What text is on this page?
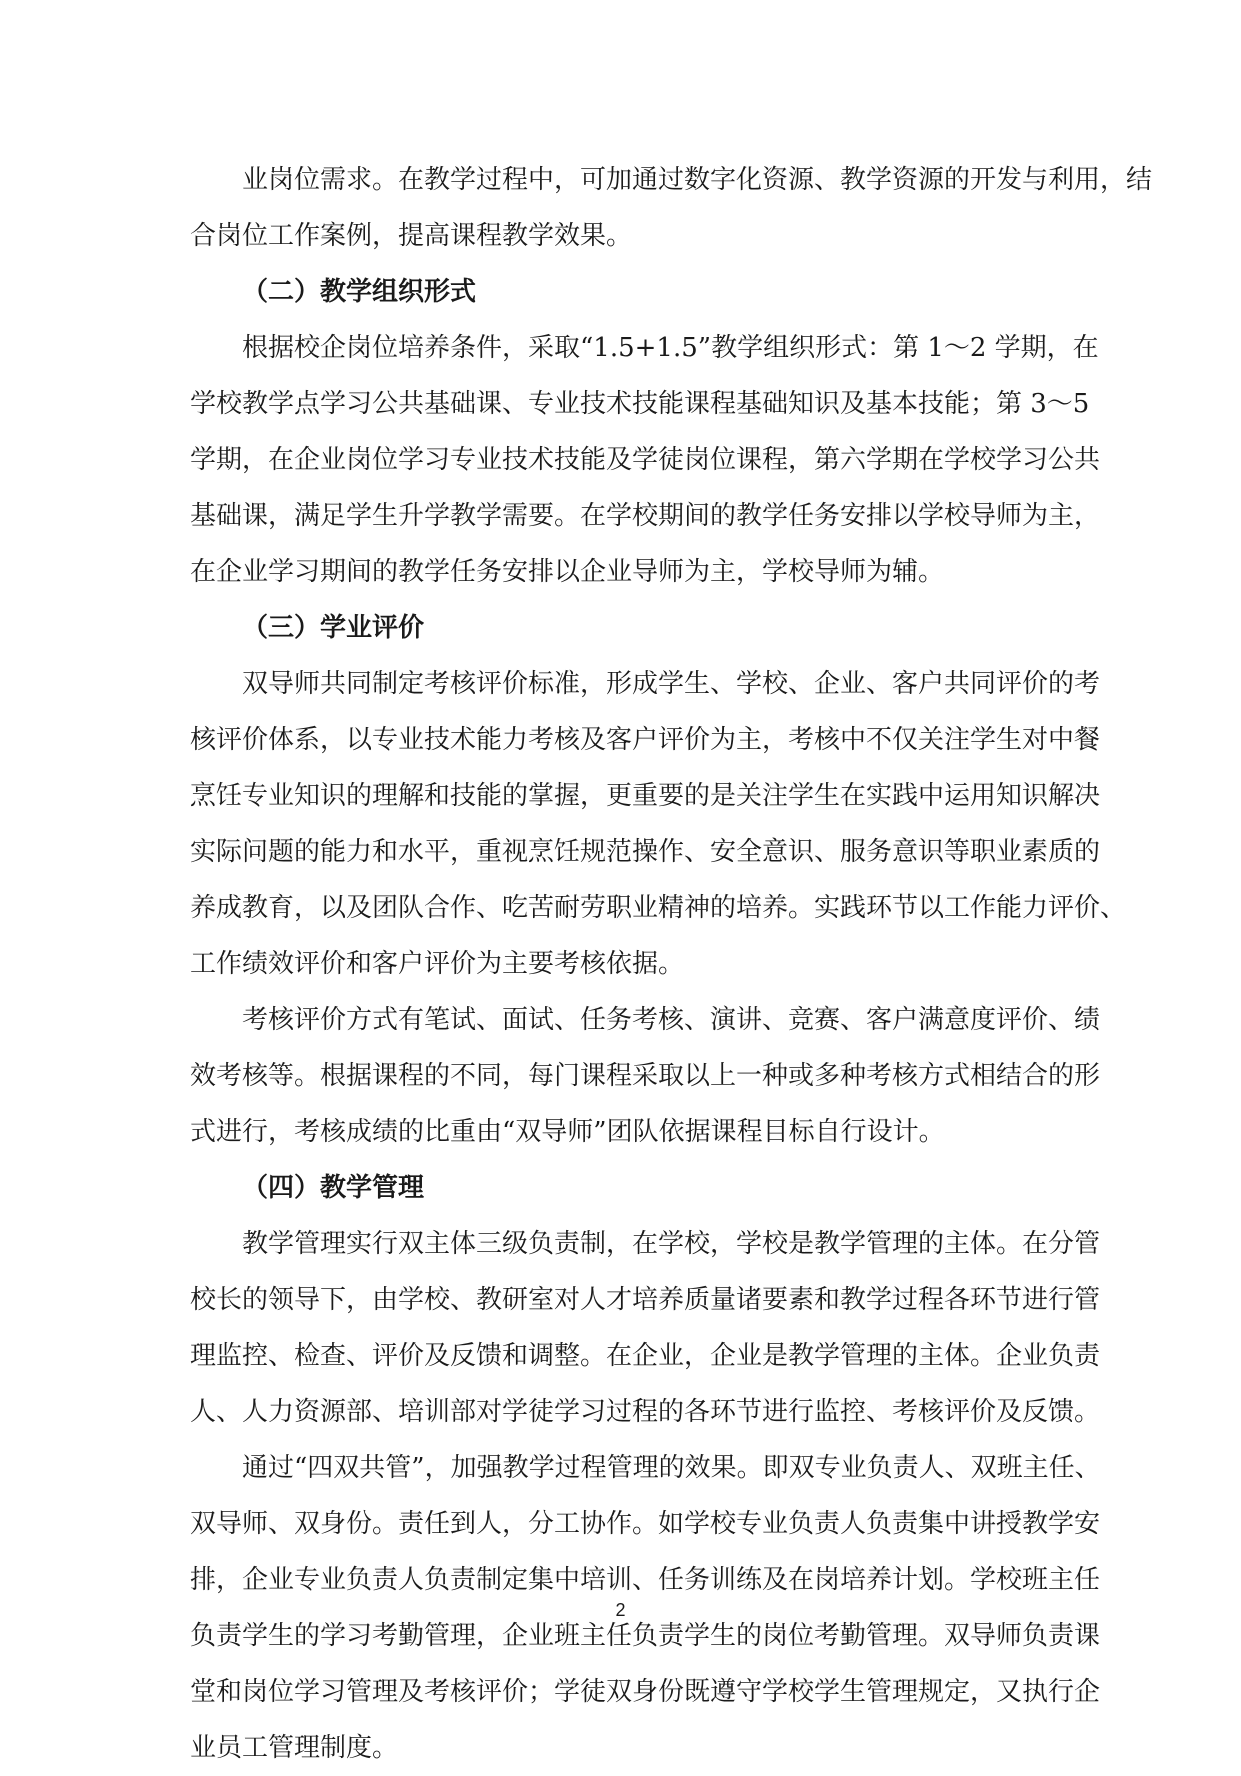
业岗位需求。在教学过程中，可加通过数字化资源、教学资源的开发与利用，结
合岗位工作案例，提高课程教学效果。
（二）教学组织形式
根据校企岗位培养条件，采取“1.5+1.5”教学组织形式：第 1～2 学期，在
学校教学点学习公共基础课、专业技术技能课程基础知识及基本技能；第 3～5
学期，在企业岗位学习专业技术技能及学徒岗位课程，第六学期在学校学习公共
基础课，满足学生升学教学需要。在学校期间的教学任务安排以学校导师为主，
在企业学习期间的教学任务安排以企业导师为主，学校导师为辅。
（三）学业评价
双导师共同制定考核评价标准，形成学生、学校、企业、客户共同评价的考
核评价体系，以专业技术能力考核及客户评价为主，考核中不仅关注学生对中餐
烹饪专业知识的理解和技能的掌握，更重要的是关注学生在实践中运用知识解决
实际问题的能力和水平，重视烹饪规范操作、安全意识、服务意识等职业素质的
养成教育，以及团队合作、吃苦耐劳职业精神的培养。实践环节以工作能力评价、
工作绩效评价和客户评价为主要考核依据。
考核评价方式有笔试、面试、任务考核、演讲、竞赛、客户满意度评价、绩
效考核等。根据课程的不同，每门课程采取以上一种或多种考核方式相结合的形
式进行，考核成绩的比重由“双导师”团队依据课程目标自行设计。
（四）教学管理
教学管理实行双主体三级负责制，在学校，学校是教学管理的主体。在分管
校长的领导下，由学校、教研室对人才培养质量诸要素和教学过程各环节进行管
理监控、检查、评价及反馈和调整。在企业，企业是教学管理的主体。企业负责
人、人力资源部、培训部对学徒学习过程的各环节进行监控、考核评价及反馈。
通过“四双共管”，加强教学过程管理的效果。即双专业负责人、双班主任、
双导师、双身份。责任到人，分工协作。如学校专业负责人负责集中讲授教学安
排，企业专业负责人负责制定集中培训、任务训练及在岗培养计划。学校班主任
负责学生的学习考勤管理，企业班主任负责学生的岗位考勤管理。双导师负责课
堂和岗位学习管理及考核评价；学徒双身份既遵守学校学生管理规定，又执行企
业员工管理制度。
2
